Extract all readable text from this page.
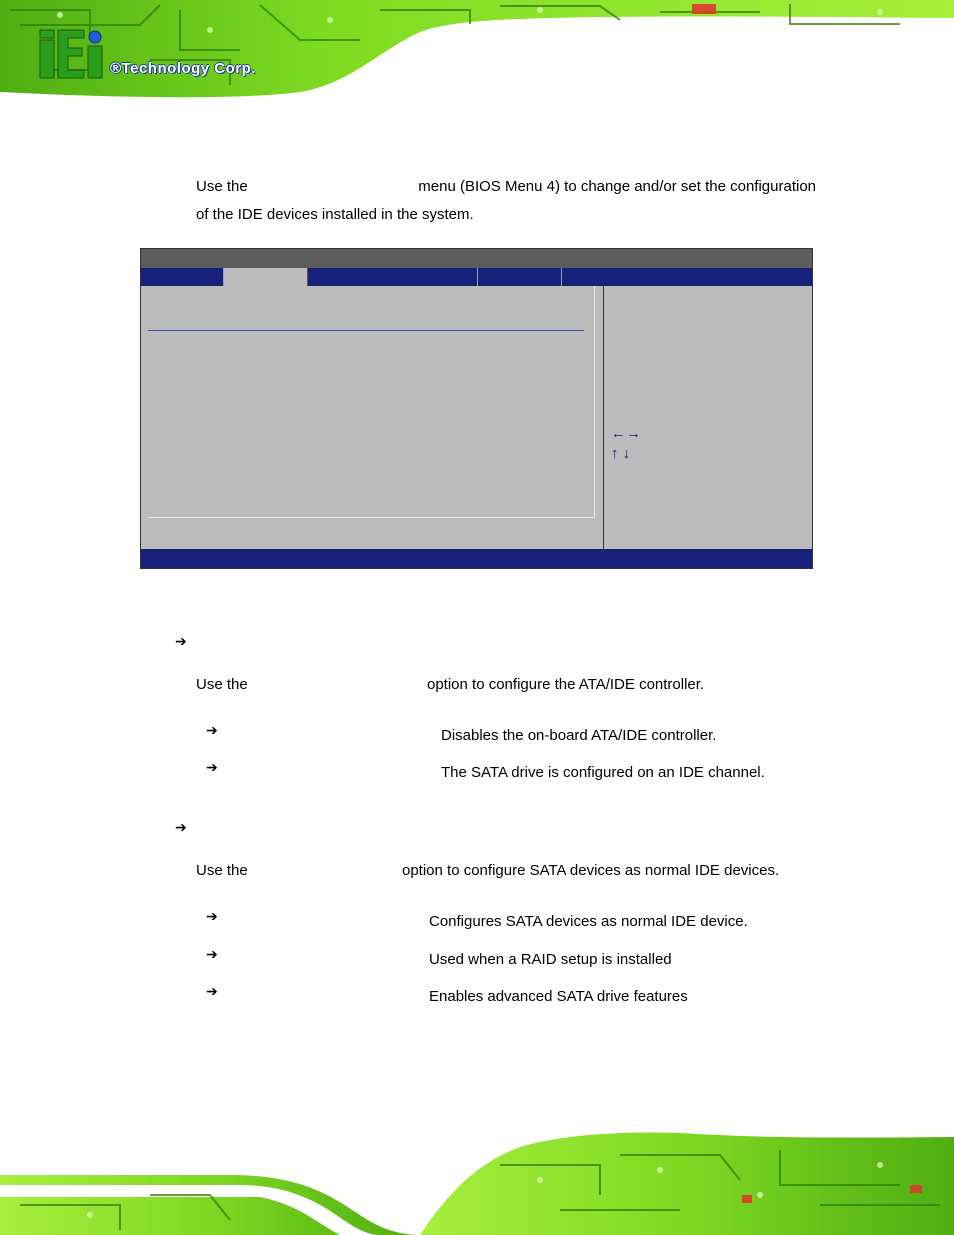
®Technology Corp.
Use the	menu (BIOS Menu 4) to change and/or set the configuration
of the IDE devices installed in the system.
←→
↑ ↓
➔
Use the	option to configure the ATA/IDE controller.
➔	Disables the on-board ATA/IDE controller.
➔	The SATA drive is configured on an IDE channel.
➔
Use the	option to configure SATA devices as normal IDE devices.
➔	Configures SATA devices as normal IDE device.
➔	Used when a RAID setup is installed
➔	Enables advanced SATA drive features
